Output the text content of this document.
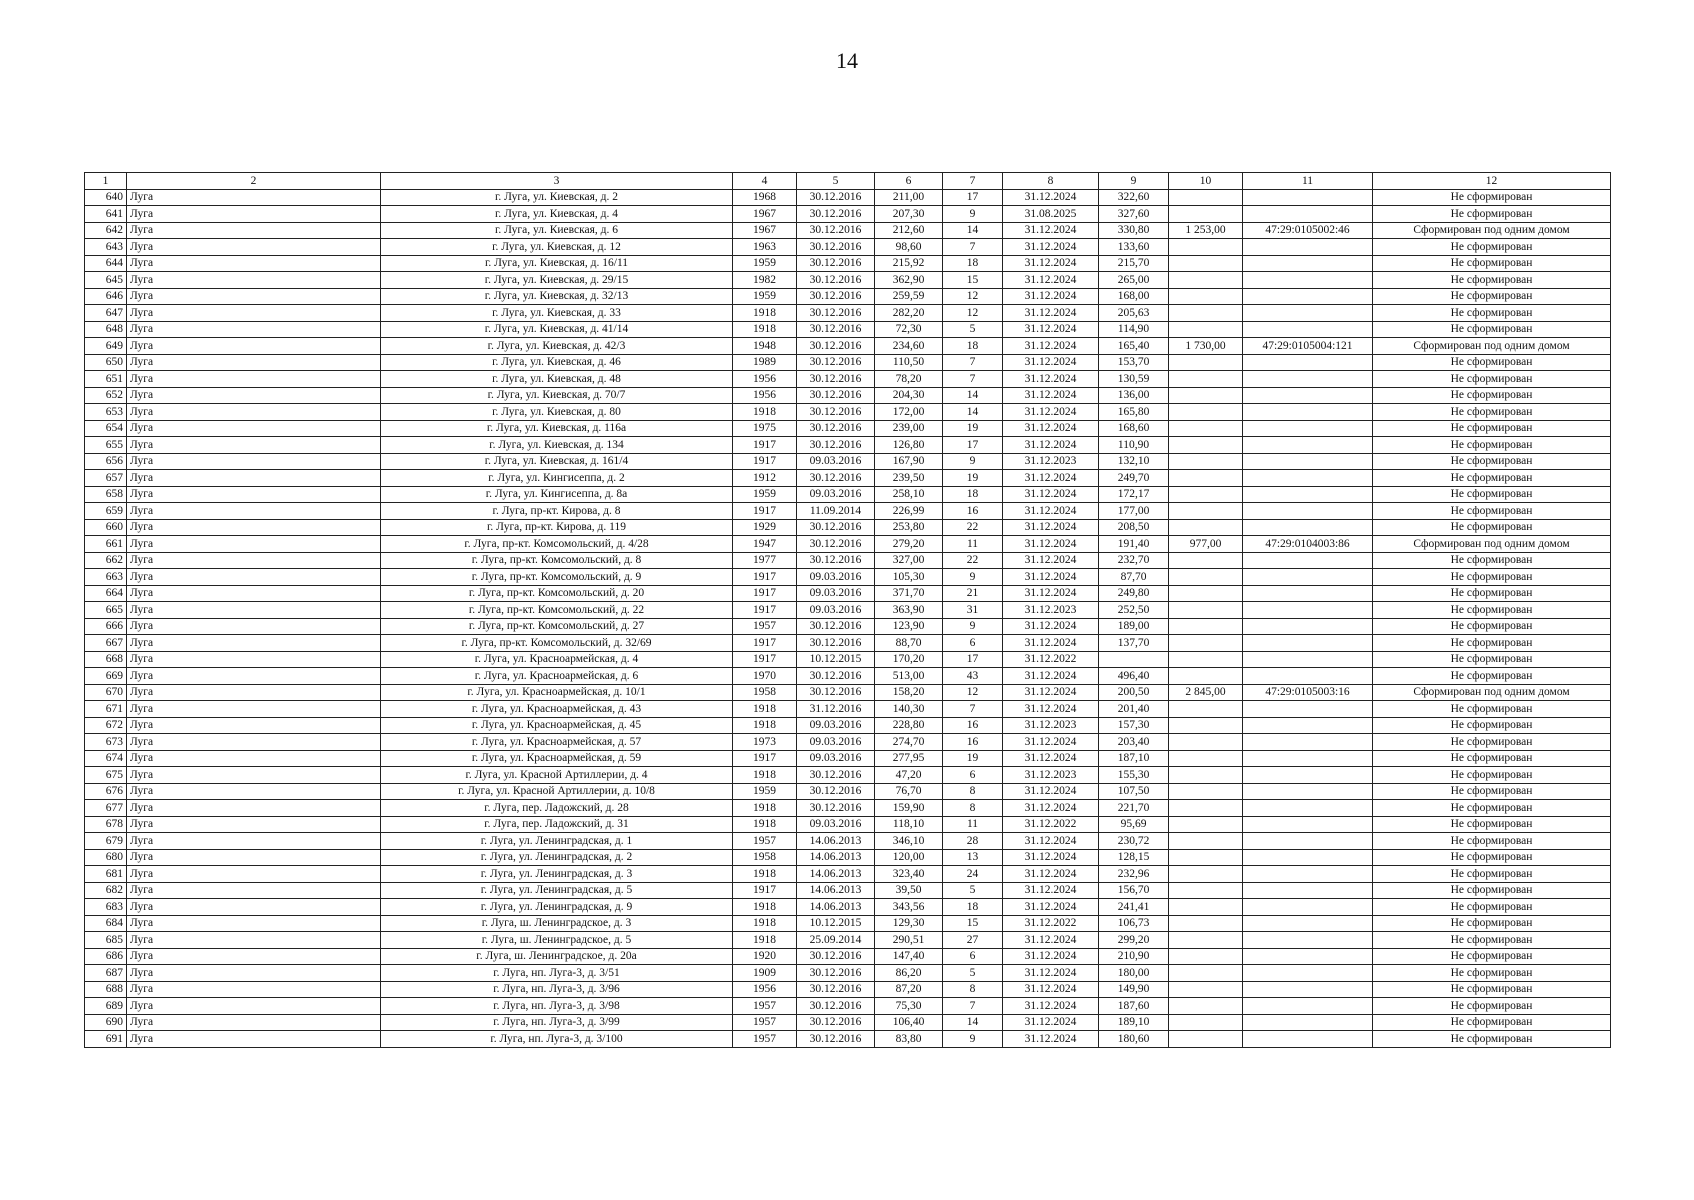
14
1	2	3	4	5	6	7	8	9	10	11	12
640	Луга	г. Луга, ул. Киевская, д. 2	1968	30.12.2016	211,00	17	31.12.2024	322,60			Не сформирован
641	Луга	г. Луга, ул. Киевская, д. 4	1967	30.12.2016	207,30	9	31.08.2025	327,60			Не сформирован
642	Луга	г. Луга, ул. Киевская, д. 6	1967	30.12.2016	212,60	14	31.12.2024	330,80	1 253,00	47:29:0105002:46	Сформирован под одним домом
643	Луга	г. Луга, ул. Киевская, д. 12	1963	30.12.2016	98,60	7	31.12.2024	133,60			Не сформирован
644	Луга	г. Луга, ул. Киевская, д. 16/11	1959	30.12.2016	215,92	18	31.12.2024	215,70			Не сформирован
645	Луга	г. Луга, ул. Киевская, д. 29/15	1982	30.12.2016	362,90	15	31.12.2024	265,00			Не сформирован
646	Луга	г. Луга, ул. Киевская, д. 32/13	1959	30.12.2016	259,59	12	31.12.2024	168,00			Не сформирован
647	Луга	г. Луга, ул. Киевская, д. 33	1918	30.12.2016	282,20	12	31.12.2024	205,63			Не сформирован
648	Луга	г. Луга, ул. Киевская, д. 41/14	1918	30.12.2016	72,30	5	31.12.2024	114,90			Не сформирован
649	Луга	г. Луга, ул. Киевская, д. 42/3	1948	30.12.2016	234,60	18	31.12.2024	165,40	1 730,00	47:29:0105004:121	Сформирован под одним домом
650	Луга	г. Луга, ул. Киевская, д. 46	1989	30.12.2016	110,50	7	31.12.2024	153,70			Не сформирован
651	Луга	г. Луга, ул. Киевская, д. 48	1956	30.12.2016	78,20	7	31.12.2024	130,59			Не сформирован
652	Луга	г. Луга, ул. Киевская, д. 70/7	1956	30.12.2016	204,30	14	31.12.2024	136,00			Не сформирован
653	Луга	г. Луга, ул. Киевская, д. 80	1918	30.12.2016	172,00	14	31.12.2024	165,80			Не сформирован
654	Луга	г. Луга, ул. Киевская, д. 116а	1975	30.12.2016	239,00	19	31.12.2024	168,60			Не сформирован
655	Луга	г. Луга, ул. Киевская, д. 134	1917	30.12.2016	126,80	17	31.12.2024	110,90			Не сформирован
656	Луга	г. Луга, ул. Киевская, д. 161/4	1917	09.03.2016	167,90	9	31.12.2023	132,10			Не сформирован
657	Луга	г. Луга, ул. Кингисеппа, д. 2	1912	30.12.2016	239,50	19	31.12.2024	249,70			Не сформирован
658	Луга	г. Луга, ул. Кингисеппа, д. 8а	1959	09.03.2016	258,10	18	31.12.2024	172,17			Не сформирован
659	Луга	г. Луга, пр-кт. Кирова, д. 8	1917	11.09.2014	226,99	16	31.12.2024	177,00			Не сформирован
660	Луга	г. Луга, пр-кт. Кирова, д. 119	1929	30.12.2016	253,80	22	31.12.2024	208,50			Не сформирован
661	Луга	г. Луга, пр-кт. Комсомольский, д. 4/28	1947	30.12.2016	279,20	11	31.12.2024	191,40	977,00	47:29:0104003:86	Сформирован под одним домом
662	Луга	г. Луга, пр-кт. Комсомольский, д. 8	1977	30.12.2016	327,00	22	31.12.2024	232,70			Не сформирован
663	Луга	г. Луга, пр-кт. Комсомольский, д. 9	1917	09.03.2016	105,30	9	31.12.2024	87,70			Не сформирован
664	Луга	г. Луга, пр-кт. Комсомольский, д. 20	1917	09.03.2016	371,70	21	31.12.2024	249,80			Не сформирован
665	Луга	г. Луга, пр-кт. Комсомольский, д. 22	1917	09.03.2016	363,90	31	31.12.2023	252,50			Не сформирован
666	Луга	г. Луга, пр-кт. Комсомольский, д. 27	1957	30.12.2016	123,90	9	31.12.2024	189,00			Не сформирован
667	Луга	г. Луга, пр-кт. Комсомольский, д. 32/69	1917	30.12.2016	88,70	6	31.12.2024	137,70			Не сформирован
668	Луга	г. Луга, ул. Красноармейская, д. 4	1917	10.12.2015	170,20	17	31.12.2022				Не сформирован
669	Луга	г. Луга, ул. Красноармейская, д. 6	1970	30.12.2016	513,00	43	31.12.2024	496,40			Не сформирован
670	Луга	г. Луга, ул. Красноармейская, д. 10/1	1958	30.12.2016	158,20	12	31.12.2024	200,50	2 845,00	47:29:0105003:16	Сформирован под одним домом
671	Луга	г. Луга, ул. Красноармейская, д. 43	1918	31.12.2016	140,30	7	31.12.2024	201,40			Не сформирован
672	Луга	г. Луга, ул. Красноармейская, д. 45	1918	09.03.2016	228,80	16	31.12.2023	157,30			Не сформирован
673	Луга	г. Луга, ул. Красноармейская, д. 57	1973	09.03.2016	274,70	16	31.12.2024	203,40			Не сформирован
674	Луга	г. Луга, ул. Красноармейская, д. 59	1917	09.03.2016	277,95	19	31.12.2024	187,10			Не сформирован
675	Луга	г. Луга, ул. Красной Артиллерии, д. 4	1918	30.12.2016	47,20	6	31.12.2023	155,30			Не сформирован
676	Луга	г. Луга, ул. Красной Артиллерии, д. 10/8	1959	30.12.2016	76,70	8	31.12.2024	107,50			Не сформирован
677	Луга	г. Луга, пер. Ладожский, д. 28	1918	30.12.2016	159,90	8	31.12.2024	221,70			Не сформирован
678	Луга	г. Луга, пер. Ладожский, д. 31	1918	09.03.2016	118,10	11	31.12.2022	95,69			Не сформирован
679	Луга	г. Луга, ул. Ленинградская, д. 1	1957	14.06.2013	346,10	28	31.12.2024	230,72			Не сформирован
680	Луга	г. Луга, ул. Ленинградская, д. 2	1958	14.06.2013	120,00	13	31.12.2024	128,15			Не сформирован
681	Луга	г. Луга, ул. Ленинградская, д. 3	1918	14.06.2013	323,40	24	31.12.2024	232,96			Не сформирован
682	Луга	г. Луга, ул. Ленинградская, д. 5	1917	14.06.2013	39,50	5	31.12.2024	156,70			Не сформирован
683	Луга	г. Луга, ул. Ленинградская, д. 9	1918	14.06.2013	343,56	18	31.12.2024	241,41			Не сформирован
684	Луга	г. Луга, ш. Ленинградское, д. 3	1918	10.12.2015	129,30	15	31.12.2022	106,73			Не сформирован
685	Луга	г. Луга, ш. Ленинградское, д. 5	1918	25.09.2014	290,51	27	31.12.2024	299,20			Не сформирован
686	Луга	г. Луга, ш. Ленинградское, д. 20а	1920	30.12.2016	147,40	6	31.12.2024	210,90			Не сформирован
687	Луга	г. Луга, нп. Луга-3, д. 3/51	1909	30.12.2016	86,20	5	31.12.2024	180,00			Не сформирован
688	Луга	г. Луга, нп. Луга-3, д. 3/96	1956	30.12.2016	87,20	8	31.12.2024	149,90			Не сформирован
689	Луга	г. Луга, нп. Луга-3, д. 3/98	1957	30.12.2016	75,30	7	31.12.2024	187,60			Не сформирован
690	Луга	г. Луга, нп. Луга-3, д. 3/99	1957	30.12.2016	106,40	14	31.12.2024	189,10			Не сформирован
691	Луга	г. Луга, нп. Луга-3, д. 3/100	1957	30.12.2016	83,80	9	31.12.2024	180,60			Не сформирован
